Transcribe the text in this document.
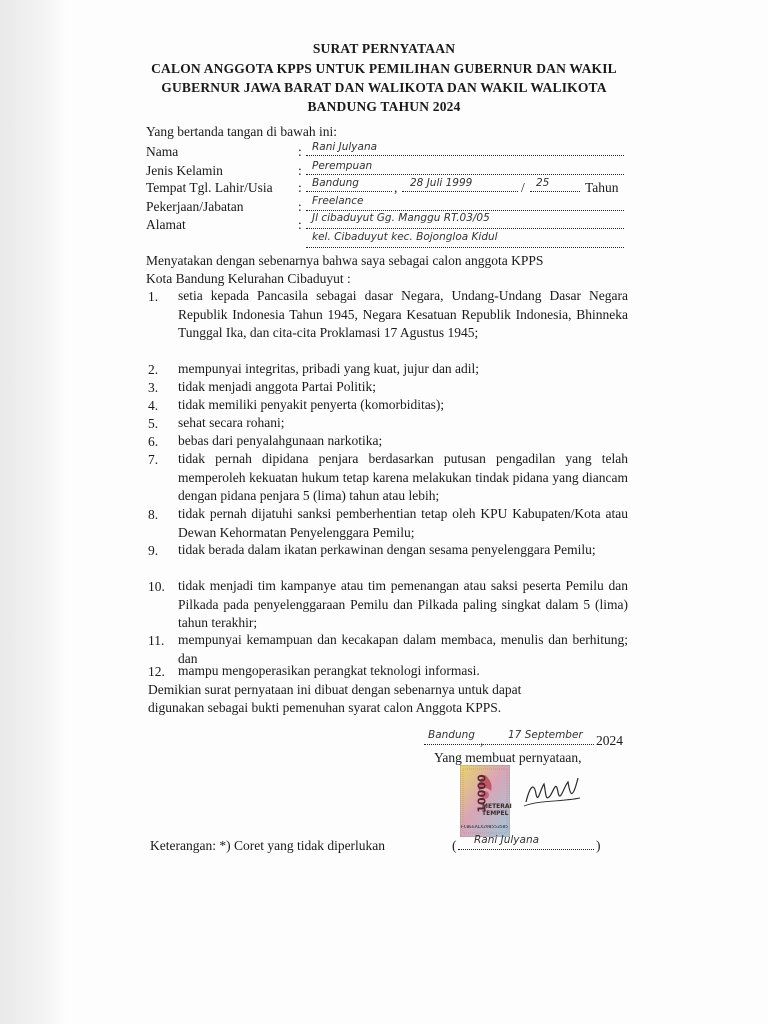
SURAT PERNYATAAN
CALON ANGGOTA KPPS UNTUK PEMILIHAN GUBERNUR DAN WAKIL
GUBERNUR JAWA BARAT DAN WALIKOTA DAN WAKIL WALIKOTA
BANDUNG TAHUN 2024
Yang bertanda tangan di bawah ini:
Nama	: Rani Julyana
Jenis Kelamin	: Perempuan
Tempat Tgl. Lahir/Usia : Bandung	, 28 Juli 1999	/ 25	Tahun
Pekerjaan/Jabatan	: Freelance
Alamat	: Jl cibaduyut Gg. Manggu RT.03/05
kel. Cibaduyut kec. Bojongloa Kidul
Menyatakan dengan sebenarnya bahwa saya sebagai calon anggota KPPS
Kota Bandung Kelurahan Cibaduyut :
1. setia kepada Pancasila sebagai dasar Negara, Undang-Undang Dasar Negara Republik Indonesia Tahun 1945, Negara Kesatuan Republik Indonesia, Bhinneka Tunggal Ika, dan cita-cita Proklamasi 17 Agustus 1945;
2. mempunyai integritas, pribadi yang kuat, jujur dan adil;
3. tidak menjadi anggota Partai Politik;
4. tidak memiliki penyakit penyerta (komorbiditas);
5. sehat secara rohani;
6. bebas dari penyalahgunaan narkotika;
7. tidak pernah dipidana penjara berdasarkan putusan pengadilan yang telah memperoleh kekuatan hukum tetap karena melakukan tindak pidana yang diancam dengan pidana penjara 5 (lima) tahun atau lebih;
8. tidak pernah dijatuhi sanksi pemberhentian tetap oleh KPU Kabupaten/Kota atau Dewan Kehormatan Penyelenggara Pemilu;
9. tidak berada dalam ikatan perkawinan dengan sesama penyelenggara Pemilu;
10. tidak menjadi tim kampanye atau tim pemenangan atau saksi peserta Pemilu dan Pilkada pada penyelenggaraan Pemilu dan Pilkada paling singkat dalam 5 (lima) tahun terakhir;
11. mempunyai kemampuan dan kecakapan dalam membaca, menulis dan berhitung; dan
12. mampu mengoperasikan perangkat teknologi informasi.
Demikian surat pernyataan ini dibuat dengan sebenarnya untuk dapat
digunakan sebagai bukti pemenuhan syarat calon Anggota KPPS.
Bandung , 17 September 2024
Yang membuat pernyataan,
10000
METERAI TEMPEL
FC0EEALX298553585
Keterangan: *) Coret yang tidak diperlukan	( Rani Julyana	)
